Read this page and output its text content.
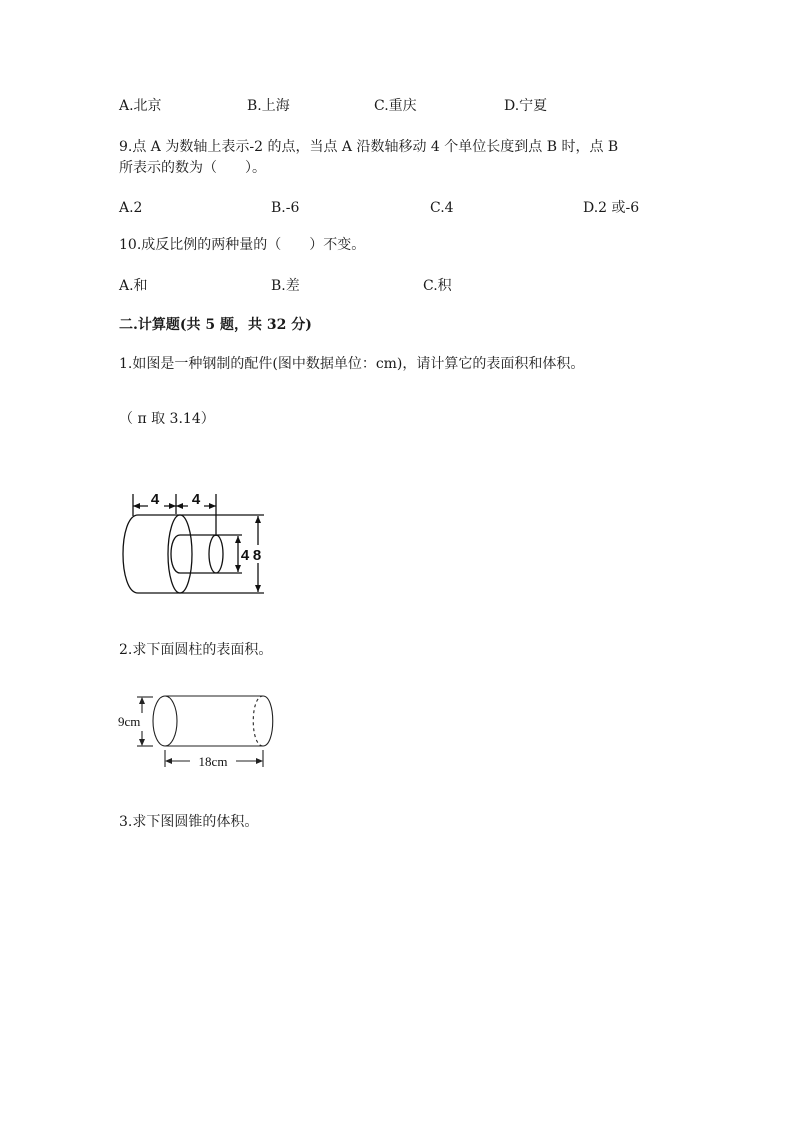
A.北京	B.上海	C.重庆	D.宁夏
9.点 A 为数轴上表示-2 的点，当点 A 沿数轴移动 4 个单位长度到点 B 时，点 B
所表示的数为（　　）。
A.2	B.-6	C.4	D.2 或-6
10.成反比例的两种量的（　　）不变。
A.和	B.差	C.积
二.计算题(共 5 题，共 32 分)
1.如图是一种钢制的配件(图中数据单位：cm)，请计算它的表面积和体积。
（ π 取 3.14）
4 4
4 8
2.求下面圆柱的表面积。
9cm
18cm
3.求下图圆锥的体积。
